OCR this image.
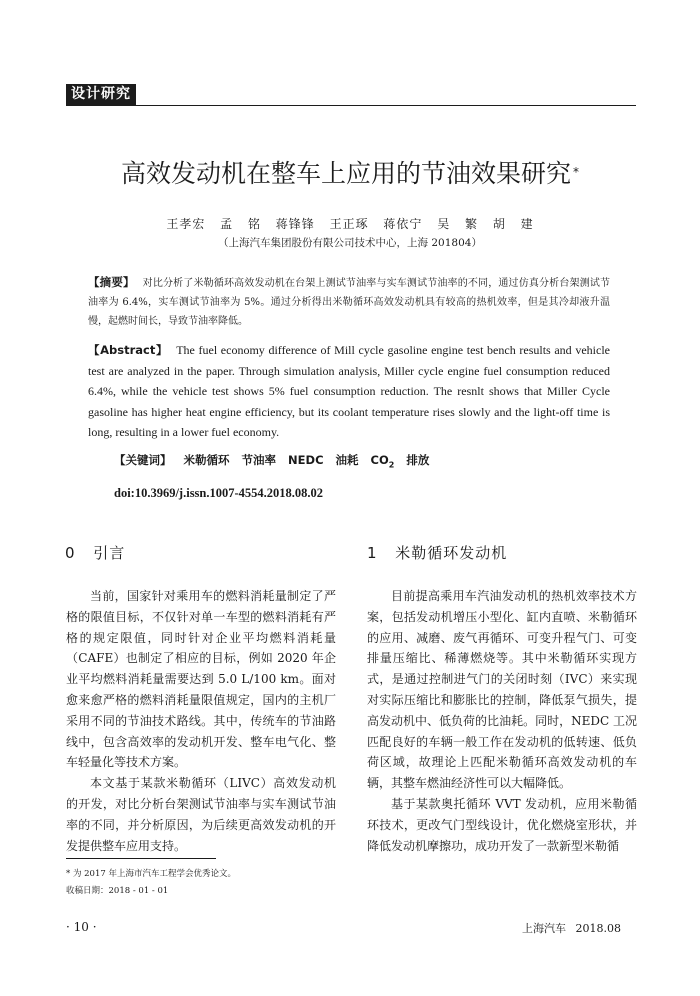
设计研究
高效发动机在整车上应用的节油效果研究 *
王孝宏 孟 铭 蒋锋锋 王正琢 蒋依宁 吴 繁 胡 建
（上海汽车集团股份有限公司技术中心，上海 201804）
【摘要】 对比分析了米勒循环高效发动机在台架上测试节油率与实车测试节油率的不同，通过仿真分析台架测试节油率为 6.4%，实车测试节油率为 5%。通过分析得出米勒循环高效发动机具有较高的热机效率，但是其冷却液升温慢，起燃时间长，导致节油率降低。
【Abstract】 The fuel economy difference of Mill cycle gasoline engine test bench results and vehicle test are analyzed in the paper. Through simulation analysis, Miller cycle engine fuel consumption reduced 6.4%, while the vehicle test shows 5% fuel consumption reduction. The resnlt shows that Miller Cycle gasoline has higher heat engine efficiency, but its coolant temperature rises slowly and the light-off time is long, resulting in a lower fuel economy.
【关键词】 米勒循环 节油率 NEDC 油耗 $CO_2$ 排放
doi:10.3969/j.issn.1007-4554.2018.08.02
0 引言	1 米勒循环发动机

当前，国家针对乘用车的燃料消耗量制定了严格的限值目标，不仅针对单一车型的燃料消耗有严格的规定限值，同时针对企业平均燃料消耗量（CAFE）也制定了相应的目标，例如 2020 年企业平均燃料消耗量需要达到 5.0 L/100 km。面对愈来愈严格的燃料消耗量限值规定，国内的主机厂采用不同的节油技术路线。其中，传统车的节油路线中，包含高效率的发动机开发、整车电气化、整车轻量化等技术方案。

本文基于某款米勒循环（LIVC）高效发动机的开发，对比分析台架测试节油率与实车测试节油率的不同，并分析原因，为后续更高效发动机的开发提供整车应用支持。

目前提高乘用车汽油发动机的热机效率技术方案，包括发动机增压小型化、缸内直喷、米勒循环的应用、减磨、废气再循环、可变升程气门、可变排量压缩比、稀薄燃烧等。其中米勒循环实现方式，是通过控制进气门的关闭时刻（IVC）来实现对实际压缩比和膨胀比的控制，降低泵气损失，提高发动机中、低负荷的比油耗。同时，NEDC 工况匹配良好的车辆一般工作在发动机的低转速、低负荷区域，故理论上匹配米勒循环高效发动机的车辆，其整车燃油经济性可以大幅降低。

基于某款奥托循环 VVT 发动机，应用米勒循环技术，更改气门型线设计，优化燃烧室形状，并降低发动机摩擦功，成功开发了一款新型米勒循

* 为 2017 年上海市汽车工程学会优秀论文。
收稿日期：2018 - 01 - 01
· 10 ·	上海汽车 2018.08
